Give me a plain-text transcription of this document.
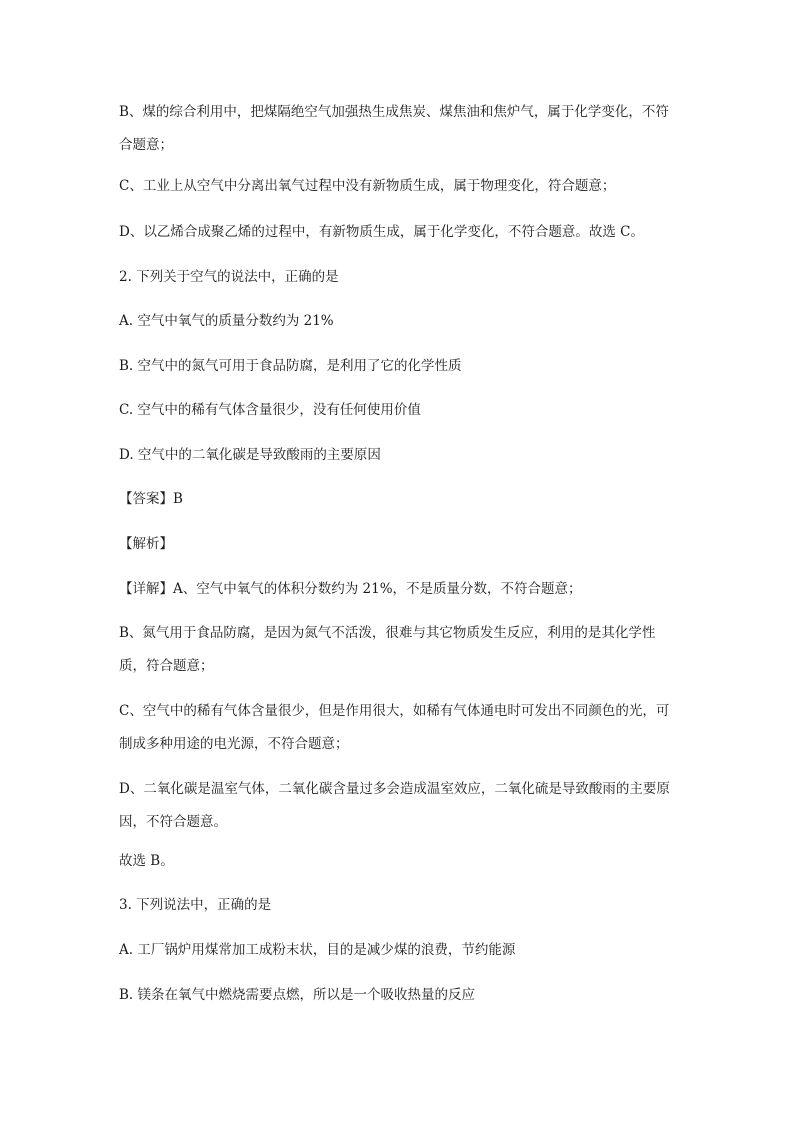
B、煤的综合利用中，把煤隔绝空气加强热生成焦炭、煤焦油和焦炉气，属于化学变化，不符合题意；
C、工业上从空气中分离出氧气过程中没有新物质生成，属于物理变化，符合题意；
D、以乙烯合成聚乙烯的过程中，有新物质生成，属于化学变化，不符合题意。故选 C。
2. 下列关于空气的说法中，正确的是
A. 空气中氧气的质量分数约为 21%
B. 空气中的氮气可用于食品防腐，是利用了它的化学性质
C. 空气中的稀有气体含量很少，没有任何使用价值
D. 空气中的二氧化碳是导致酸雨的主要原因
【答案】B
【解析】
【详解】A、空气中氧气的体积分数约为 21%，不是质量分数，不符合题意；
B、氮气用于食品防腐，是因为氮气不活泼，很难与其它物质发生反应，利用的是其化学性质，符合题意；
C、空气中的稀有气体含量很少，但是作用很大，如稀有气体通电时可发出不同颜色的光，可制成多种用途的电光源，不符合题意；
D、二氧化碳是温室气体，二氧化碳含量过多会造成温室效应，二氧化硫是导致酸雨的主要原因，不符合题意。
故选 B。
3. 下列说法中，正确的是
A. 工厂锅炉用煤常加工成粉末状，目的是减少煤的浪费，节约能源
B. 镁条在氧气中燃烧需要点燃，所以是一个吸收热量的反应
